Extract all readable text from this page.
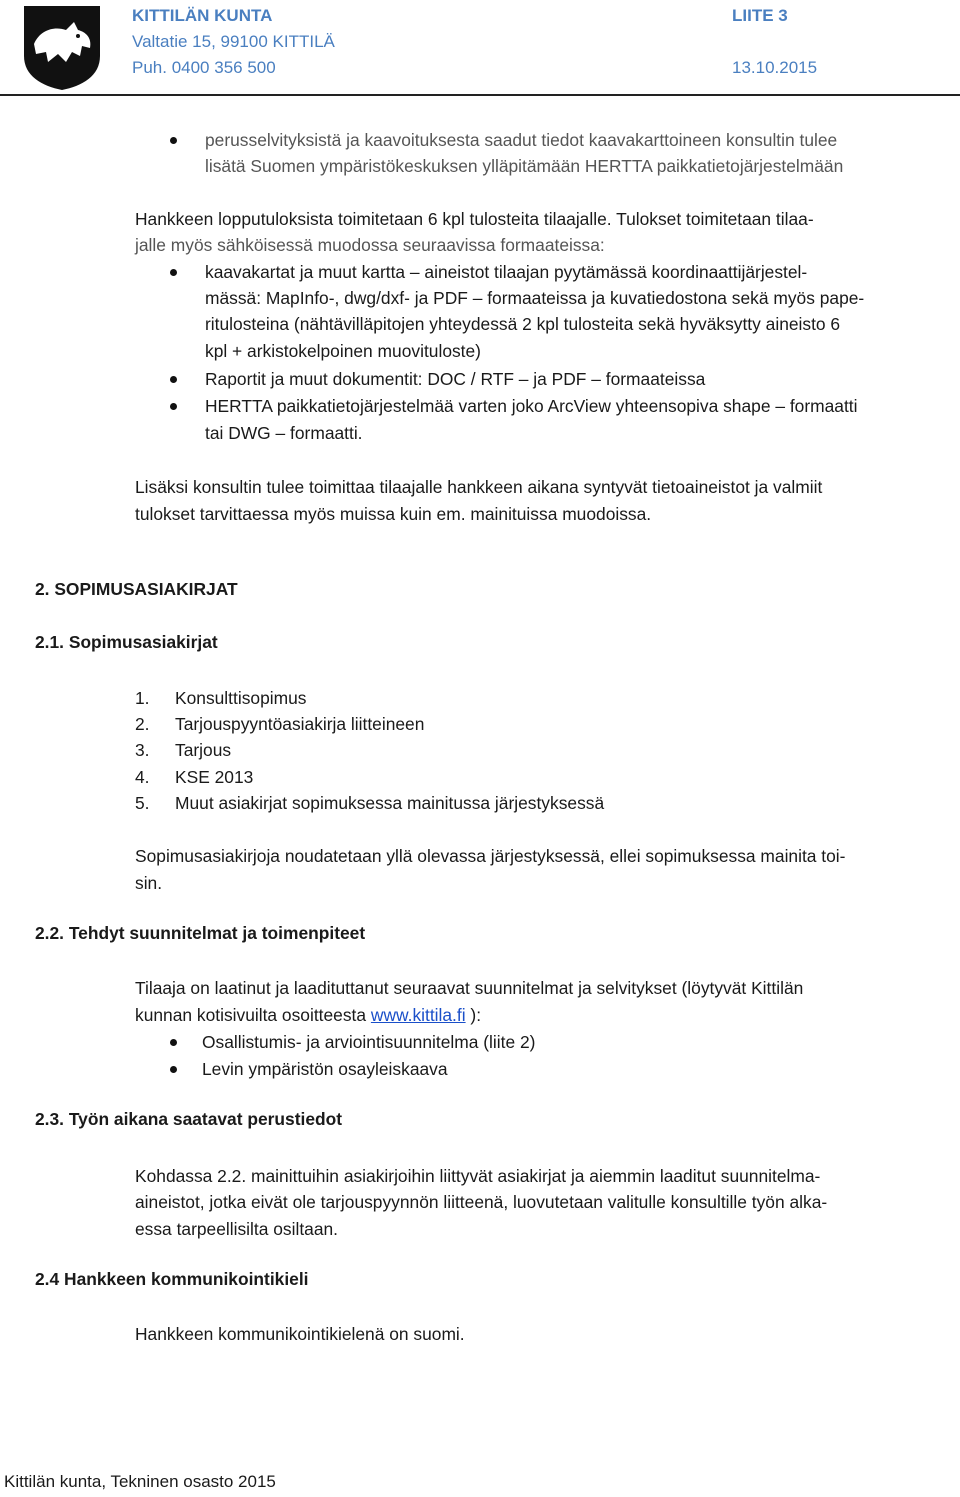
KITTILÄN KUNTA
Valtatie 15, 99100 KITTILÄ
Puh. 0400 356 500
LIITE 3
13.10.2015
perusselvityksistä ja kaavoituksesta saadut tiedot kaavakarttoineen konsultin tulee
lisätä Suomen ympäristökeskuksen ylläpitämään HERTTA paikkatietojärjestelmään
Hankkeen lopputuloksista toimitetaan 6 kpl tulosteita tilaajalle. Tulokset toimitetaan tilaa-
jalle myös sähköisessä muodossa seuraavissa formaateissa:
kaavakartat ja muut kartta – aineistot tilaajan pyytämässä koordinaattijärjestel-
mässä: MapInfo-, dwg/dxf- ja PDF – formaateissa ja kuvatiedostona sekä myös pape-
ritulosteina (nähtävilläpitojen yhteydessä 2 kpl tulosteita sekä hyväksytty aineisto 6
kpl + arkistokelpoinen muovituloste)
Raportit ja muut dokumentit: DOC / RTF – ja PDF – formaateissa
HERTTA paikkatietojärjestelmää varten joko ArcView yhteensopiva shape – formaatti
tai DWG – formaatti.
Lisäksi konsultin tulee toimittaa tilaajalle hankkeen aikana syntyvät tietoaineistot ja valmiit
tulokset tarvittaessa myös muissa kuin em. mainituissa muodoissa.
2. SOPIMUSASIAKIRJAT
2.1. Sopimusasiakirjat
1. Konsulttisopimus
2. Tarjouspyyntöasiakirja liitteineen
3. Tarjous
4. KSE 2013
5. Muut asiakirjat sopimuksessa mainitussa järjestyksessä
Sopimusasiakirjoja noudatetaan yllä olevassa järjestyksessä, ellei sopimuksessa mainita toi-
sin.
2.2. Tehdyt suunnitelmat ja toimenpiteet
Tilaaja on laatinut ja laadituttanut seuraavat suunnitelmat ja selvitykset (löytyvät Kittilän
kunnan kotisivuilta osoitteesta www.kittila.fi ):
Osallistumis- ja arviointisuunnitelma (liite 2)
Levin ympäristön osayleiskaava
2.3. Työn aikana saatavat perustiedot
Kohdassa 2.2. mainittuihin asiakirjoihin liittyvät asiakirjat ja aiemmin laaditut suunnitelma-
aineistot, jotka eivät ole tarjouspyynnön liitteenä, luovutetaan valitulle konsultille työn alka-
essa tarpeellisilta osiltaan.
2.4 Hankkeen kommunikointikieli
Hankkeen kommunikointikielenä on suomi.
Kittilän kunta, Tekninen osasto 2015
